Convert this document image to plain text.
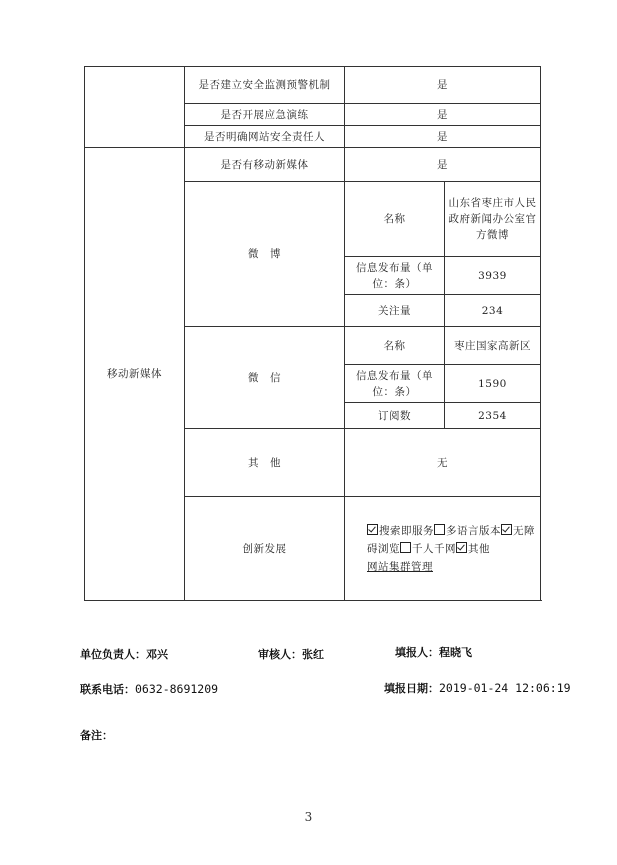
	是否建立安全监测预警机制	是	
	是否开展应急演练	是	
	是否明确网站安全责任人	是	
移动新媒体	是否有移动新媒体	是	
	微　博	名称	山东省枣庄市人民政府新闻办公室官方微博
		信息发布量（单位：条）	3939
		关注量	234
	微　信	名称	枣庄国家高新区
		信息发布量（单位：条）	1590
		订阅数	2354
	其　他	无	
	创新发展	搜索即服务 多语言版本 无障碍浏览 千人千网 其他
网站集群管理	
单位负责人：邓兴	审核人：张红	填报人：程晓飞
联系电话：0632-8691209	填报日期：2019-01-24 12:06:19
备注：
3
